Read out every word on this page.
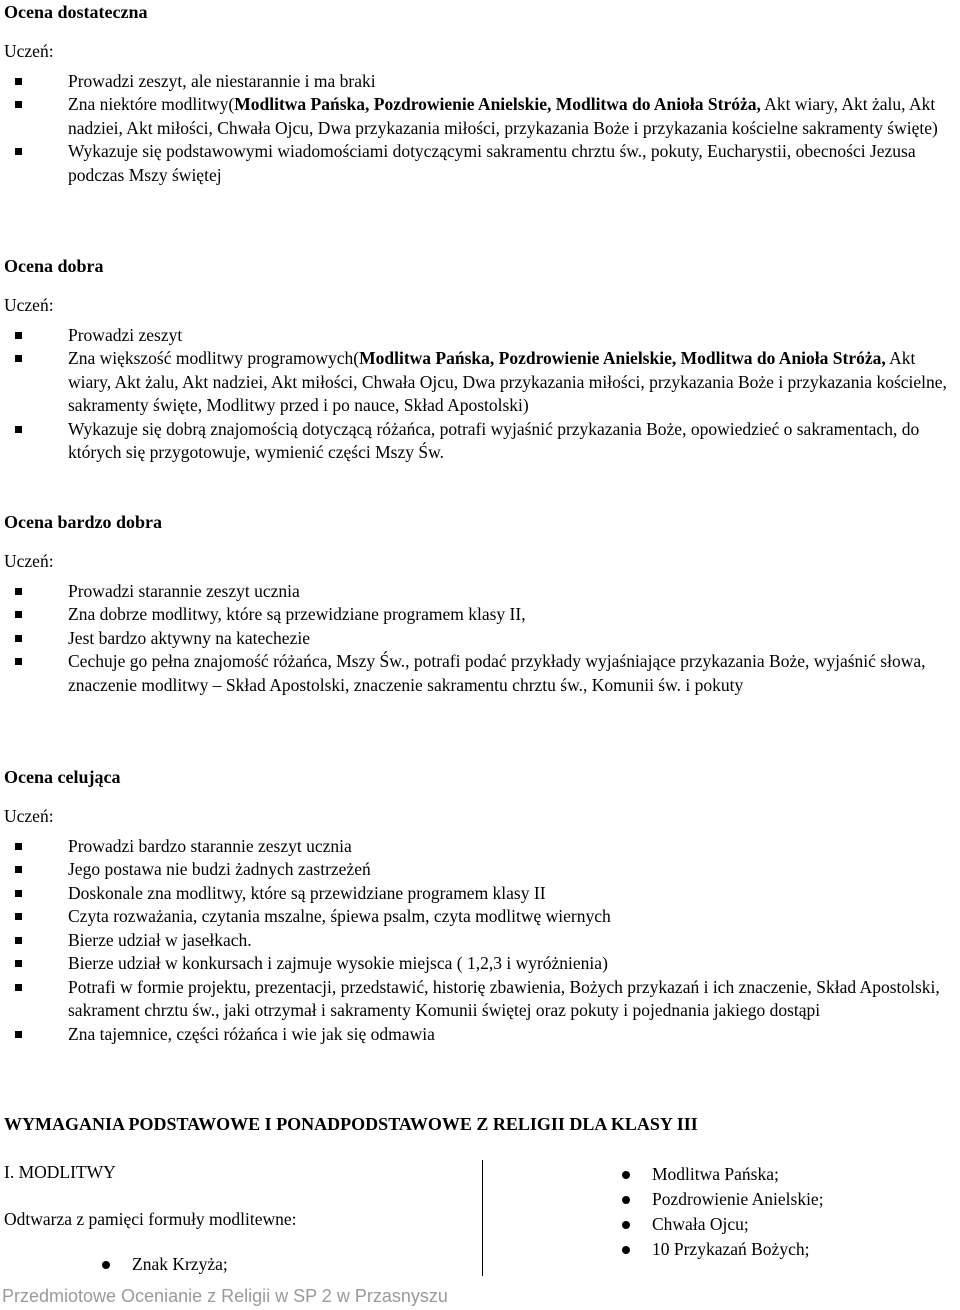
Ocena dostateczna

Uczeń:

Prowadzi zeszyt, ale niestarannie i ma braki
Zna niektóre modlitwy(Modlitwa Pańska, Pozdrowienie Anielskie, Modlitwa do Anioła Stróża, Akt wiary, Akt żalu, Akt nadziei, Akt miłości, Chwała Ojcu, Dwa przykazania miłości, przykazania Boże i przykazania kościelne sakramenty święte)
Wykazuje się podstawowymi wiadomościami dotyczącymi sakramentu chrztu św., pokuty, Eucharystii, obecności Jezusa podczas Mszy świętej

Ocena dobra

Uczeń:

Prowadzi zeszyt
Zna większość modlitwy programowych(Modlitwa Pańska, Pozdrowienie Anielskie, Modlitwa do Anioła Stróża, Akt wiary, Akt żalu, Akt nadziei, Akt miłości, Chwała Ojcu, Dwa przykazania miłości, przykazania Boże i przykazania kościelne, sakramenty święte, Modlitwy przed i po nauce, Skład Apostolski)
Wykazuje się dobrą znajomością dotyczącą różańca, potrafi wyjaśnić przykazania Boże, opowiedzieć o sakramentach, do których się przygotowuje, wymienić części Mszy Św.

Ocena bardzo dobra

Uczeń:

Prowadzi starannie zeszyt ucznia
Zna dobrze modlitwy, które są przewidziane programem klasy II,
Jest bardzo aktywny na katechezie
Cechuje go pełna znajomość różańca, Mszy Św., potrafi podać przykłady wyjaśniające przykazania Boże, wyjaśnić słowa, znaczenie modlitwy – Skład Apostolski, znaczenie sakramentu chrztu św., Komunii św. i pokuty

Ocena celująca

Uczeń:

Prowadzi bardzo starannie zeszyt ucznia
Jego postawa nie budzi żadnych zastrzeżeń
Doskonale zna modlitwy, które są przewidziane programem klasy II
Czyta rozważania, czytania mszalne, śpiewa psalm, czyta modlitwę wiernych
Bierze udział w jasełkach.
Bierze udział w konkursach i zajmuje wysokie miejsca ( 1,2,3 i wyróżnienia)
Potrafi w formie projektu, prezentacji, przedstawić, historię zbawienia, Bożych przykazań i ich znaczenie, Skład Apostolski, sakrament chrztu św., jaki otrzymał i sakramenty Komunii świętej oraz pokuty i pojednania jakiego dostąpi
Zna tajemnice, części różańca i wie jak się odmawia
WYMAGANIA PODSTAWOWE I PONADPODSTAWOWE Z RELIGII DLA KLASY III
I. MODLITWY
Odtwarza z pamięci formuły modlitewne:
Znak Krzyża;
Modlitwa Pańska;
Pozdrowienie Anielskie;
Chwała Ojcu;
10 Przykazań Bożych;
Przedmiotowe Ocenianie z Religii w SP 2 w Przasnyszu
